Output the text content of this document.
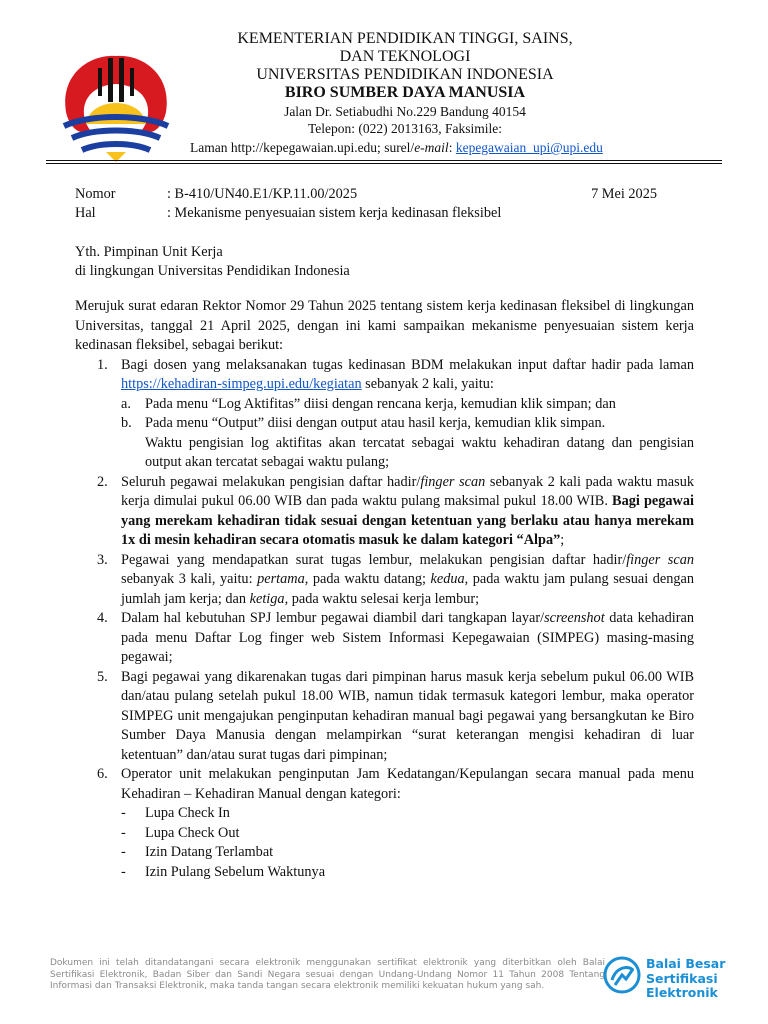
KEMENTERIAN PENDIDIKAN TINGGI, SAINS,
DAN TEKNOLOGI
UNIVERSITAS PENDIDIKAN INDONESIA
BIRO SUMBER DAYA MANUSIA
Jalan Dr. Setiabudhi No.229 Bandung 40154
Telepon: (022) 2013163, Faksimile:
Laman http://kepegawaian.upi.edu; surel/e-mail: kepegawaian_upi@upi.edu
Nomor	: B-410/UN40.E1/KP.11.00/2025	7 Mei 2025
Hal	: Mekanisme penyesuaian sistem kerja kedinasan fleksibel
Yth. Pimpinan Unit Kerja
di lingkungan Universitas Pendidikan Indonesia

Merujuk surat edaran Rektor Nomor 29 Tahun 2025 tentang sistem kerja kedinasan fleksibel di lingkungan Universitas, tanggal 21 April 2025, dengan ini kami sampaikan mekanisme penyesuaian sistem kerja kedinasan fleksibel, sebagai berikut:

1. Bagi dosen yang melaksanakan tugas kedinasan BDM melakukan input daftar hadir pada laman https://kehadiran-simpeg.upi.edu/kegiatan sebanyak 2 kali, yaitu:
a. Pada menu “Log Aktifitas” diisi dengan rencana kerja, kemudian klik simpan; dan
b. Pada menu “Output” diisi dengan output atau hasil kerja, kemudian klik simpan.
Waktu pengisian log aktifitas akan tercatat sebagai waktu kehadiran datang dan pengisian output akan tercatat sebagai waktu pulang;
2. Seluruh pegawai melakukan pengisian daftar hadir/finger scan sebanyak 2 kali pada waktu masuk kerja dimulai pukul 06.00 WIB dan pada waktu pulang maksimal pukul 18.00 WIB. Bagi pegawai yang merekam kehadiran tidak sesuai dengan ketentuan yang berlaku atau hanya merekam 1x di mesin kehadiran secara otomatis masuk ke dalam kategori “Alpa”;
3. Pegawai yang mendapatkan surat tugas lembur, melakukan pengisian daftar hadir/finger scan sebanyak 3 kali, yaitu: pertama, pada waktu datang; kedua, pada waktu jam pulang sesuai dengan jumlah jam kerja; dan ketiga, pada waktu selesai kerja lembur;
4. Dalam hal kebutuhan SPJ lembur pegawai diambil dari tangkapan layar/screenshot data kehadiran pada menu Daftar Log finger web Sistem Informasi Kepegawaian (SIMPEG) masing-masing pegawai;
5. Bagi pegawai yang dikarenakan tugas dari pimpinan harus masuk kerja sebelum pukul 06.00 WIB dan/atau pulang setelah pukul 18.00 WIB, namun tidak termasuk kategori lembur, maka operator SIMPEG unit mengajukan penginputan kehadiran manual bagi pegawai yang bersangkutan ke Biro Sumber Daya Manusia dengan melampirkan “surat keterangan mengisi kehadiran di luar ketentuan” dan/atau surat tugas dari pimpinan;
6. Operator unit melakukan penginputan Jam Kedatangan/Kepulangan secara manual pada menu Kehadiran – Kehadiran Manual dengan kategori:
-	Lupa Check In
-	Lupa Check Out
-	Izin Datang Terlambat
-	Izin Pulang Sebelum Waktunya
Dokumen ini telah ditandatangani secara elektronik menggunakan sertifikat elektronik yang diterbitkan oleh Balai Sertifikasi Elektronik, Badan Siber dan Sandi Negara sesuai dengan Undang-Undang Nomor 11 Tahun 2008 Tentang Informasi dan Transaksi Elektronik, maka tanda tangan secara elektronik memiliki kekuatan hukum yang sah.
Balai Besar
Sertifikasi
Elektronik
